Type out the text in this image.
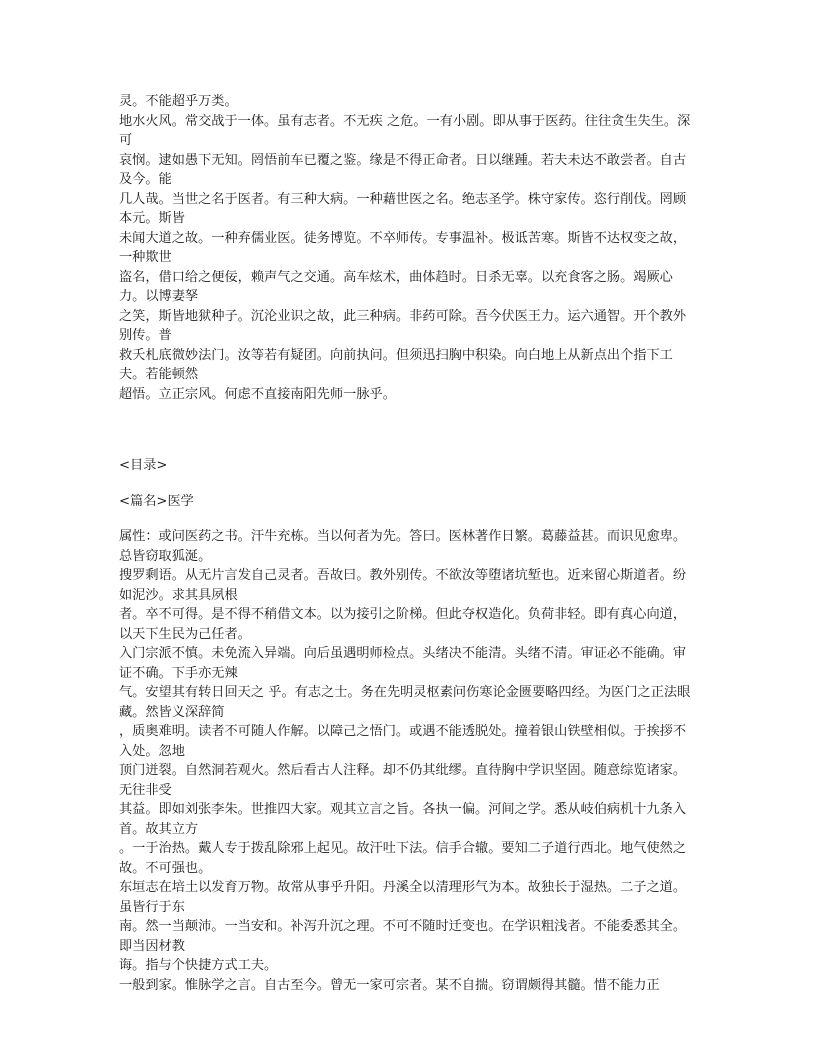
灵。不能超乎万类。
地水火风。常交战于一体。虽有志者。不无疾 之危。一有小剧。即从事于医药。往往贪生失生。深可
哀悯。逮如愚下无知。罔悟前车已覆之鉴。缘是不得正命者。日以继踵。若夫未达不敢尝者。自古及今。能
几人哉。当世之名于医者。有三种大病。一种藉世医之名。绝志圣学。株守家传。恣行削伐。罔顾本元。斯皆
未闻大道之故。一种弃儒业医。徒务博览。不卒师传。专事温补。极诋苦寒。斯皆不达权变之故，一种欺世
盗名，借口给之便佞，赖声气之交通。高车炫术，曲体趋时。日杀无辜。以充食客之肠。竭厥心力。以博妻孥
之笑，斯皆地狱种子。沉沦业识之故，此三种病。非药可除。吾今伏医王力。运六通智。开个教外别传。普
救夭札底微妙法门。汝等若有疑团。向前执问。但须迅扫胸中积染。向白地上从新点出个指下工夫。若能顿然
超悟。立正宗风。何虑不直接南阳先师一脉乎。

<目录>

<篇名>医学

属性：或问医药之书。汗牛充栋。当以何者为先。答曰。医林著作日繁。葛藤益甚。而识见愈卑。总皆窃取狐涎。
搜罗剩语。从无片言发自己灵者。吾故曰。教外别传。不欲汝等堕诸坑堑也。近来留心斯道者。纷如泥沙。求其具夙根
者。卒不可得。是不得不稍借文本。以为接引之阶梯。但此夺权造化。负荷非轻。即有真心向道，以天下生民为己任者。
入门宗派不慎。未免流入异端。向后虽遇明师检点。头绪决不能清。头绪不清。审证必不能确。审证不确。下手亦无辣
气。安望其有转日回天之 乎。有志之士。务在先明灵枢素问伤寒论金匮要略四经。为医门之正法眼藏。然皆义深辞简
，质奥难明。读者不可随人作解。以障己之悟门。或遇不能透脱处。撞着银山铁壁相似。于挨拶不入处。忽地
顶门迸裂。自然洞若观火。然后看古人注释。却不仍其纰缪。直待胸中学识坚固。随意综览诸家。无往非受
其益。即如刘张李朱。世推四大家。观其立言之旨。各执一偏。河间之学。悉从岐伯病机十九条入首。故其立方
。一于治热。戴人专于拨乱除邪上起见。故汗吐下法。信手合辙。要知二子道行西北。地气使然之故。不可强也。
东垣志在培土以发育万物。故常从事乎升阳。丹溪全以清理形气为本。故独长于湿热。二子之道。虽皆行于东
南。然一当颠沛。一当安和。补泻升沉之理。不可不随时迁变也。在学识粗浅者。不能委悉其全。即当因材教
诲。指与个快捷方式工夫。
一般到家。惟脉学之言。自古至今。曾无一家可宗者。某不自揣。窃谓颇得其髓。惜不能力正
